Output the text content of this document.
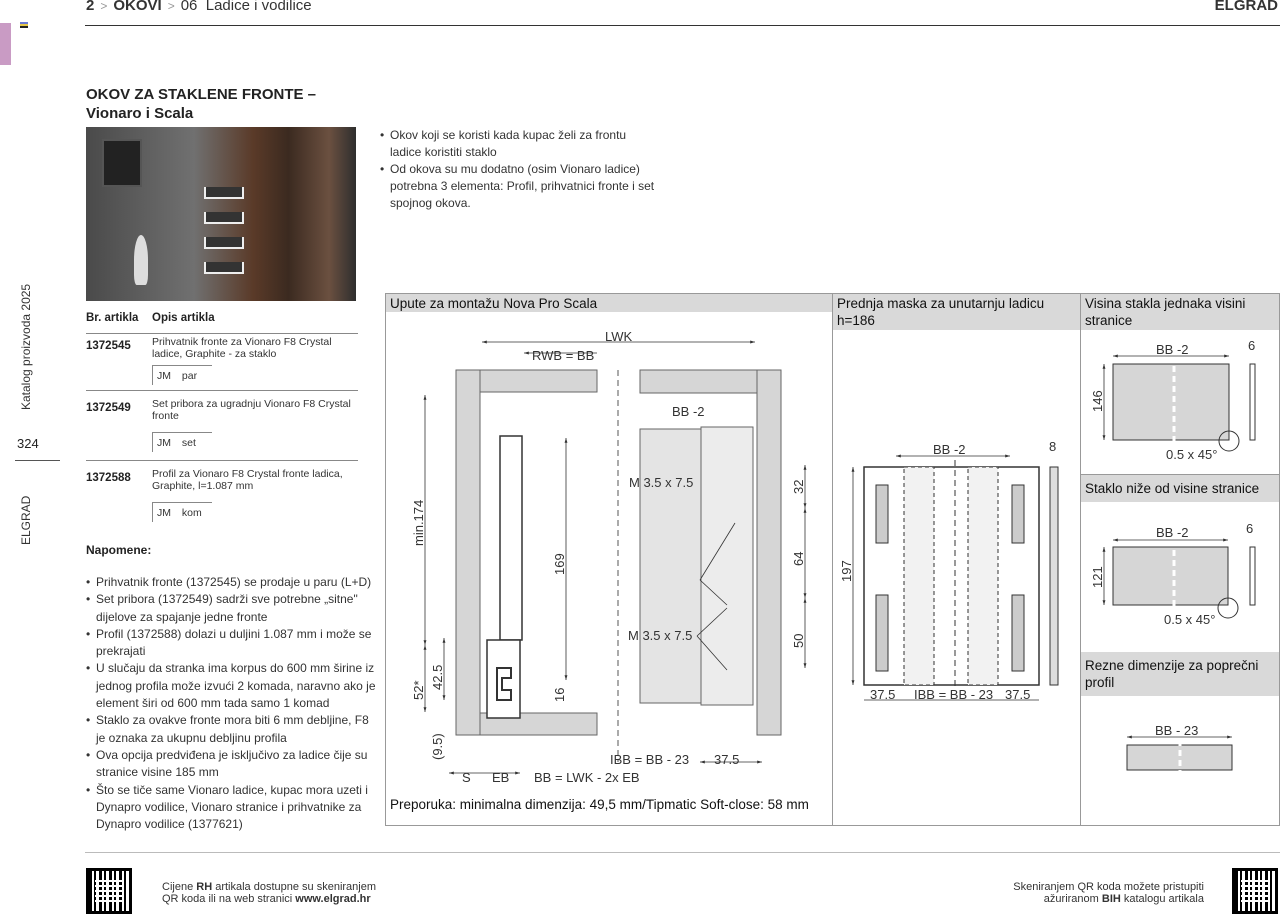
2 > OKOVI > 06 Ladice i vodilice	ELGRAD
Katalog proizvoda 2025
324
ELGRAD
OKOV ZA STAKLENE FRONTE –
Vionaro i Scala
• Okov koji se koristi kada kupac želi za frontu ladice koristiti staklo
• Od okova su mu dodatno (osim Vionaro ladice) potrebna 3 elementa: Profil, prihvatnici fronte i set spojnog okova.
Br. artikla Opis artikla
1372545 Prihvatnik fronte za Vionaro F8 Crystal ladice, Graphite - za staklo
JM par
1372549 Set pribora za ugradnju Vionaro F8 Crystal fronte
JM set
1372588 Profil za Vionaro F8 Crystal fronte ladica, Graphite, l=1.087 mm
JM kom
Napomene:
• Prihvatnik fronte (1372545) se prodaje u paru (L+D)
• Set pribora (1372549) sadrži sve potrebne „sitne" dijelove za spajanje jedne fronte
• Profil (1372588) dolazi u duljini 1.087 mm i može se prekrajati
• U slučaju da stranka ima korpus do 600 mm širine iz jednog profila može izvući 2 komada, naravno ako je element širi od 600 mm tada samo 1 komad
• Staklo za ovakve fronte mora biti 6 mm debljine, F8 je oznaka za ukupnu debljinu profila
• Ova opcija predviđena je isključivo za ladice čije su stranice visine 185 mm
• Što se tiče same Vionaro ladice, kupac mora uzeti i Dynapro vodilice, Vionaro stranice i prihvatnike za Dynapro vodilice (1377621)
Upute za montažu Nova Pro Scala	Prednja maska za unutarnju ladicu h=186
Visina stakla jednaka visini stranice
Staklo niže od visine stranice
Rezne dimenzije za poprečni profil
Preporuka: minimalna dimenzija: 49,5 mm/Tipmatic Soft-close: 58 mm
LWK
RWB = BB
BB -2
M 3.5 x 7.5
M 3.5 x 7.5
32
64
50
min.174
169
16
52*
42.5
(9.5)
S EB BB = LWK - 2x EB
IBB = BB - 23 37.5
BB -2	8
197
37.5 IBB = BB - 23 37.5
BB -2	6
146
0.5 x 45°
BB -2	6
121
0.5 x 45°
BB - 23
Cijene RH artikala dostupne su skeniranjem
QR koda ili na web stranici www.elgrad.hr
Skeniranjem QR koda možete pristupiti
ažuriranom BIH katalogu artikala
